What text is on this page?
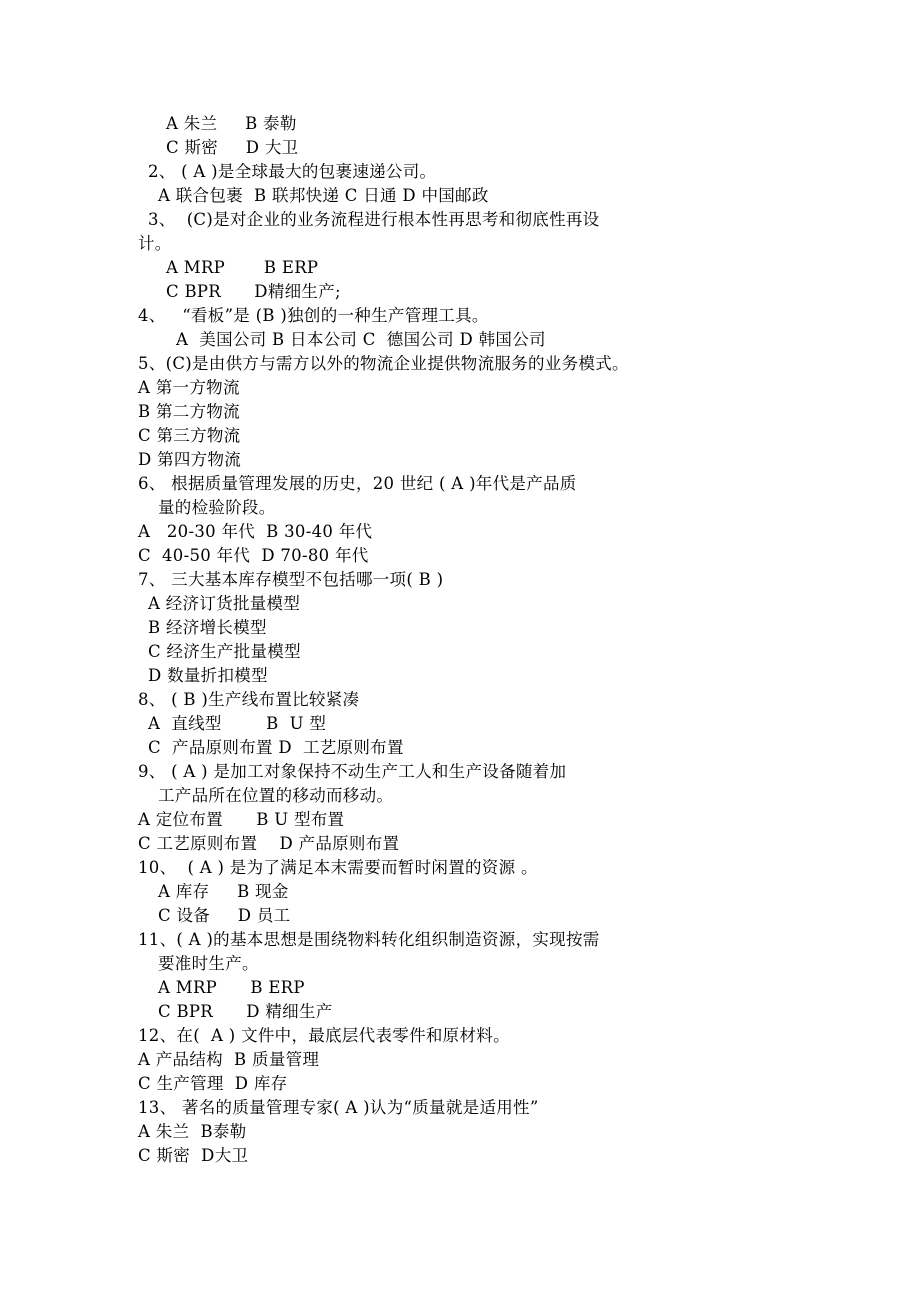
A 朱兰     B 泰勒
C 斯密     D 大卫
2、 ( A )是全球最大的包裹速递公司。
A 联合包裹  B 联邦快递 C 日通 D 中国邮政
3、  (C)是对企业的业务流程进行根本性再思考和彻底性再设
计。
A MRP       B ERP
C BPR      D精细生产;
4、   “看板”是 (B )独创的一种生产管理工具。
A  美国公司 B 日本公司 C  德国公司 D 韩国公司
5、(C)是由供方与需方以外的物流企业提供物流服务的业务模式。
A 第一方物流
B 第二方物流
C 第三方物流
D 第四方物流
6、 根据质量管理发展的历史，20 世纪 ( A )年代是产品质
量的检验阶段。
A   20-30 年代  B 30-40 年代
C  40-50 年代  D 70-80 年代
7、 三大基本库存模型不包括哪一项( B )
A 经济订货批量模型
B 经济增长模型
C 经济生产批量模型
D 数量折扣模型
8、 ( B )生产线布置比较紧凑
A  直线型        B  U 型
C  产品原则布置 D  工艺原则布置
9、 ( A ) 是加工对象保持不动生产工人和生产设备随着加
工产品所在位置的移动而移动。
A 定位布置      B U 型布置
C 工艺原则布置    D 产品原则布置
10、  ( A ) 是为了满足本末需要而暂时闲置的资源 。
A 库存     B 现金
C 设备     D 员工
11、( A )的基本思想是围绕物料转化组织制造资源，实现按需
要准时生产。
A MRP      B ERP
C BPR      D 精细生产
12、在(  A ) 文件中，最底层代表零件和原材料。
A 产品结构  B 质量管理
C 生产管理  D 库存
13、 著名的质量管理专家( A )认为“质量就是适用性”
A 朱兰  B泰勒
C 斯密  D大卫
